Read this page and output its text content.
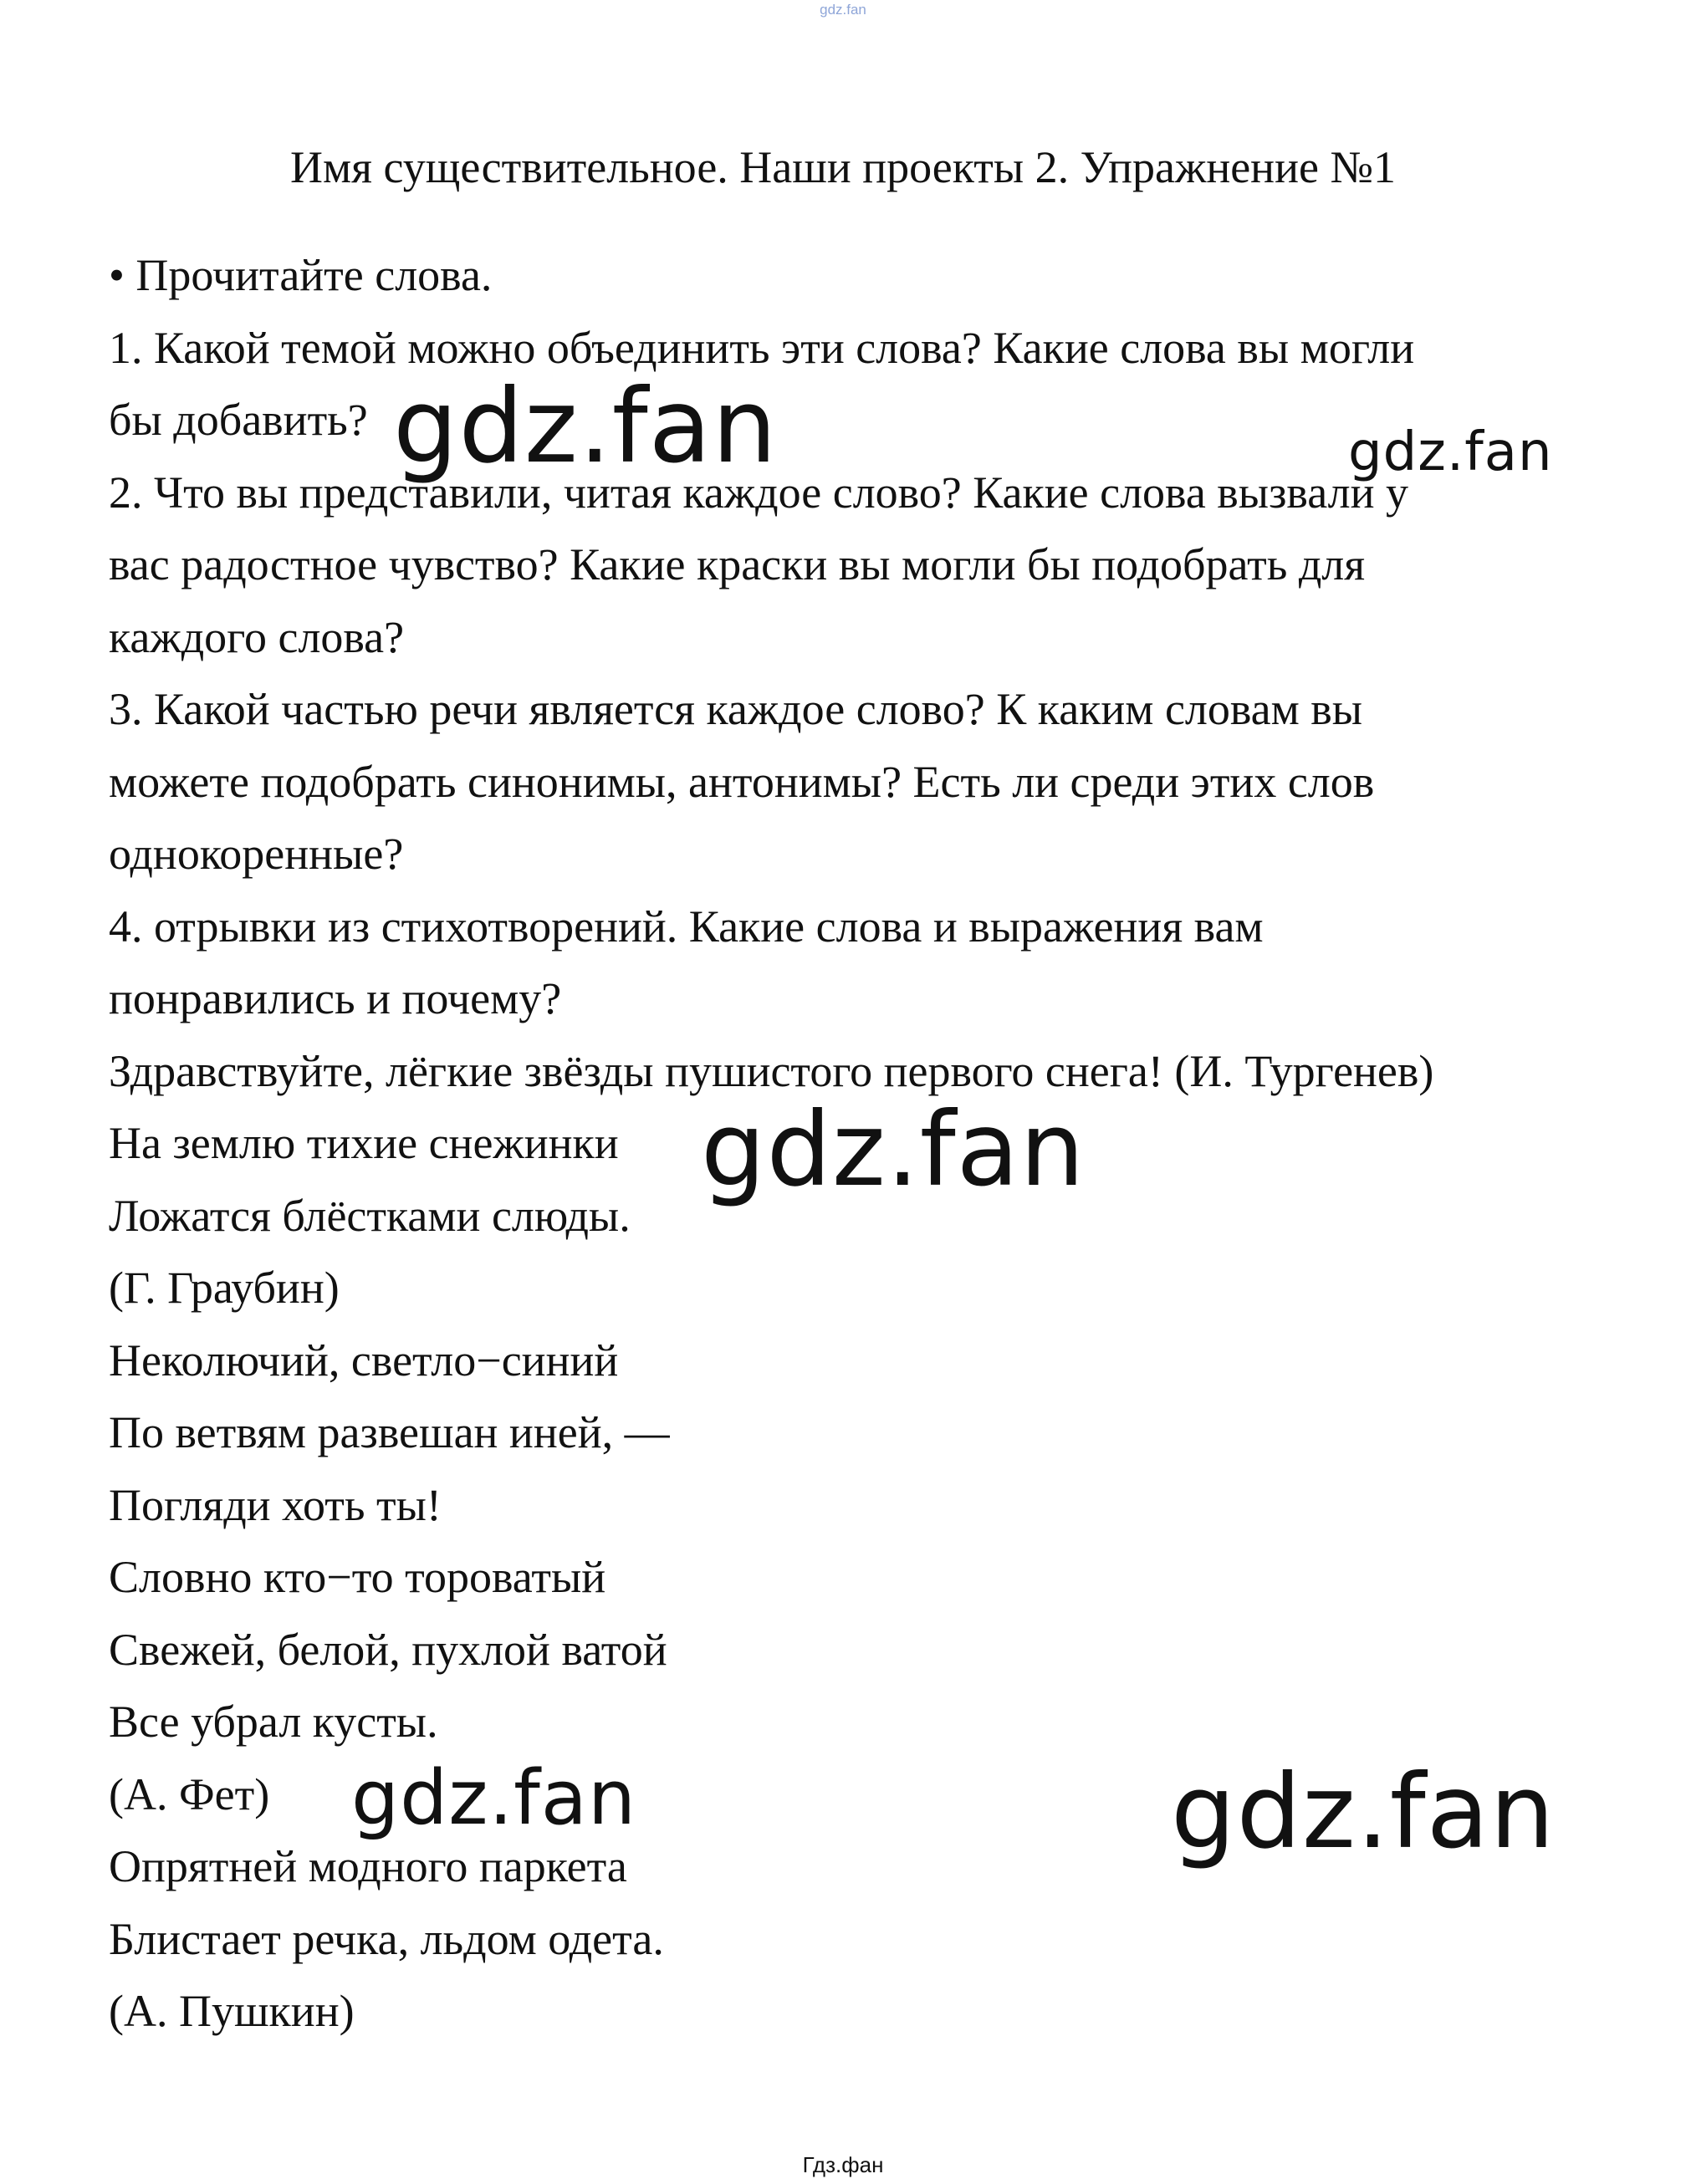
gdz.fan
Имя существительное. Наши проекты 2. Упражнение №1
• Прочитайте слова.
1. Какой темой можно объединить эти слова? Какие слова вы могли
бы добавить?
2. Что вы представили, читая каждое слово? Какие слова вызвали у
вас радостное чувство? Какие краски вы могли бы подобрать для
каждого слова?
3. Какой частью речи является каждое слово? К каким словам вы
можете подобрать синонимы, антонимы? Есть ли среди этих слов
однокоренные?
4. отрывки из стихотворений. Какие слова и выражения вам
понравились и почему?
Здравствуйте, лёгкие звёзды пушистого первого снега! (И. Тургенев)
На землю тихие снежинки
Ложатся блёстками слюды.
(Г. Граубин)
Неколючий, светло−синий
По ветвям развешан иней, —
Погляди хоть ты!
Словно кто−то тороватый
Свежей, белой, пухлой ватой
Все убрал кусты.
(А. Фет)
Опрятней модного паркета
Блистает речка, льдом одета.
(А. Пушкин)
gdz.fan	gdz.fan
gdz.fan
gdz.fan	gdz.fan
Гдз.фан
